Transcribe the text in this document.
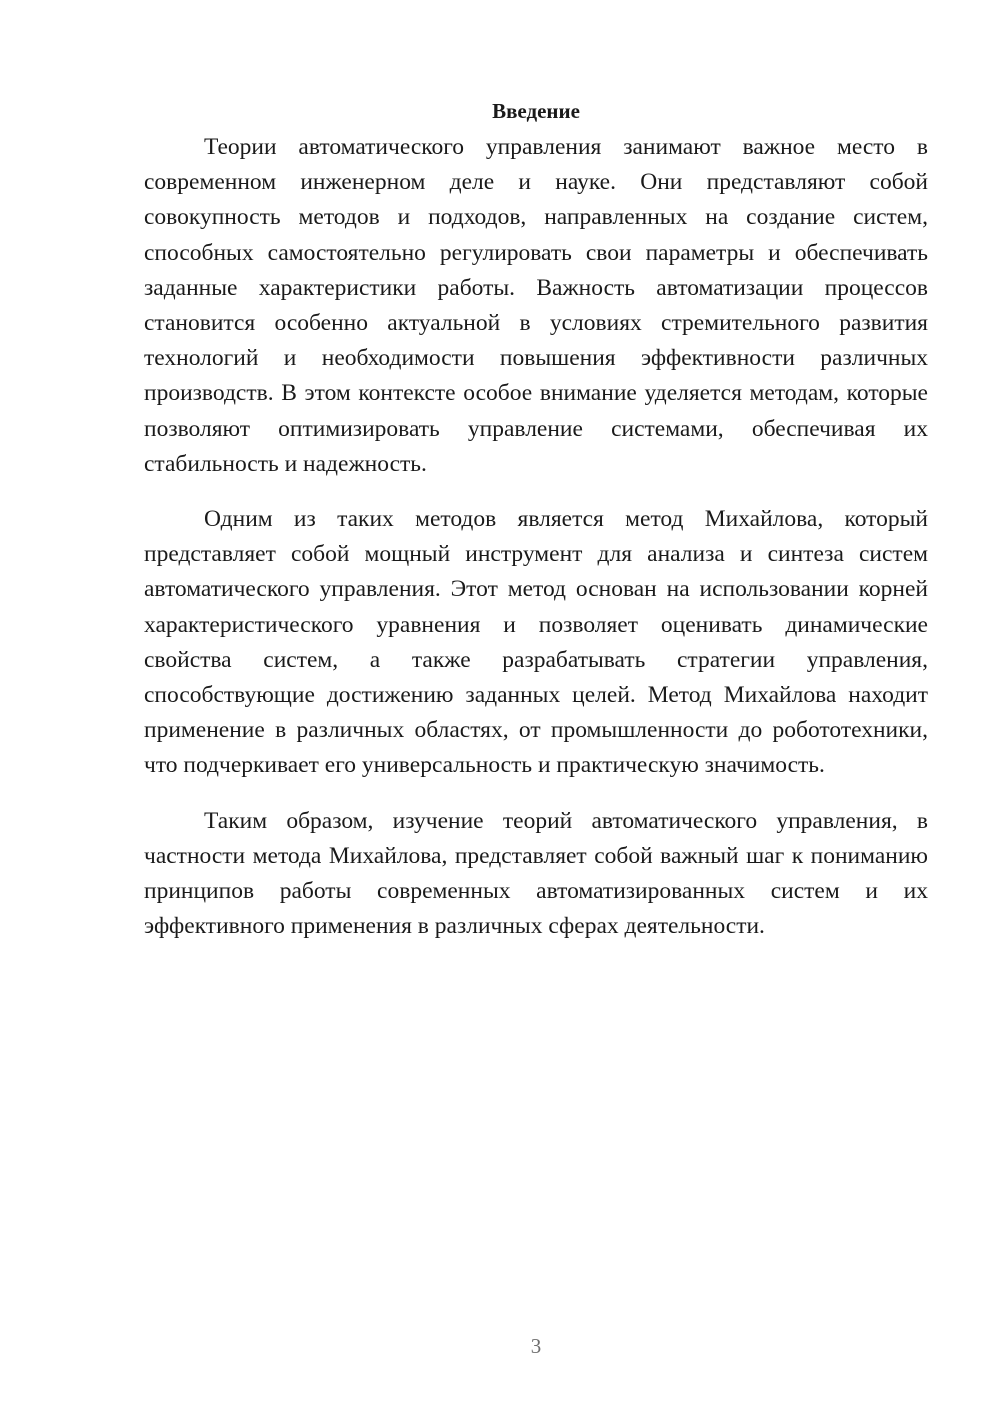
Введение

Теории автоматического управления занимают важное место в современном инженерном деле и науке. Они представляют собой совокупность методов и подходов, направленных на создание систем, способных самостоятельно регулировать свои параметры и обеспечивать заданные характеристики работы. Важность автоматизации процессов становится особенно актуальной в условиях стремительного развития технологий и необходимости повышения эффективности различных производств. В этом контексте особое внимание уделяется методам, которые позволяют оптимизировать управление системами, обеспечивая их стабильность и надежность.

Одним из таких методов является метод Михайлова, который представляет собой мощный инструмент для анализа и синтеза систем автоматического управления. Этот метод основан на использовании корней характеристического уравнения и позволяет оценивать динамические свойства систем, а также разрабатывать стратегии управления, способствующие достижению заданных целей. Метод Михайлова находит применение в различных областях, от промышленности до робототехники, что подчеркивает его универсальность и практическую значимость.

Таким образом, изучение теорий автоматического управления, в частности метода Михайлова, представляет собой важный шаг к пониманию принципов работы современных автоматизированных систем и их эффективного применения в различных сферах деятельности.

3
